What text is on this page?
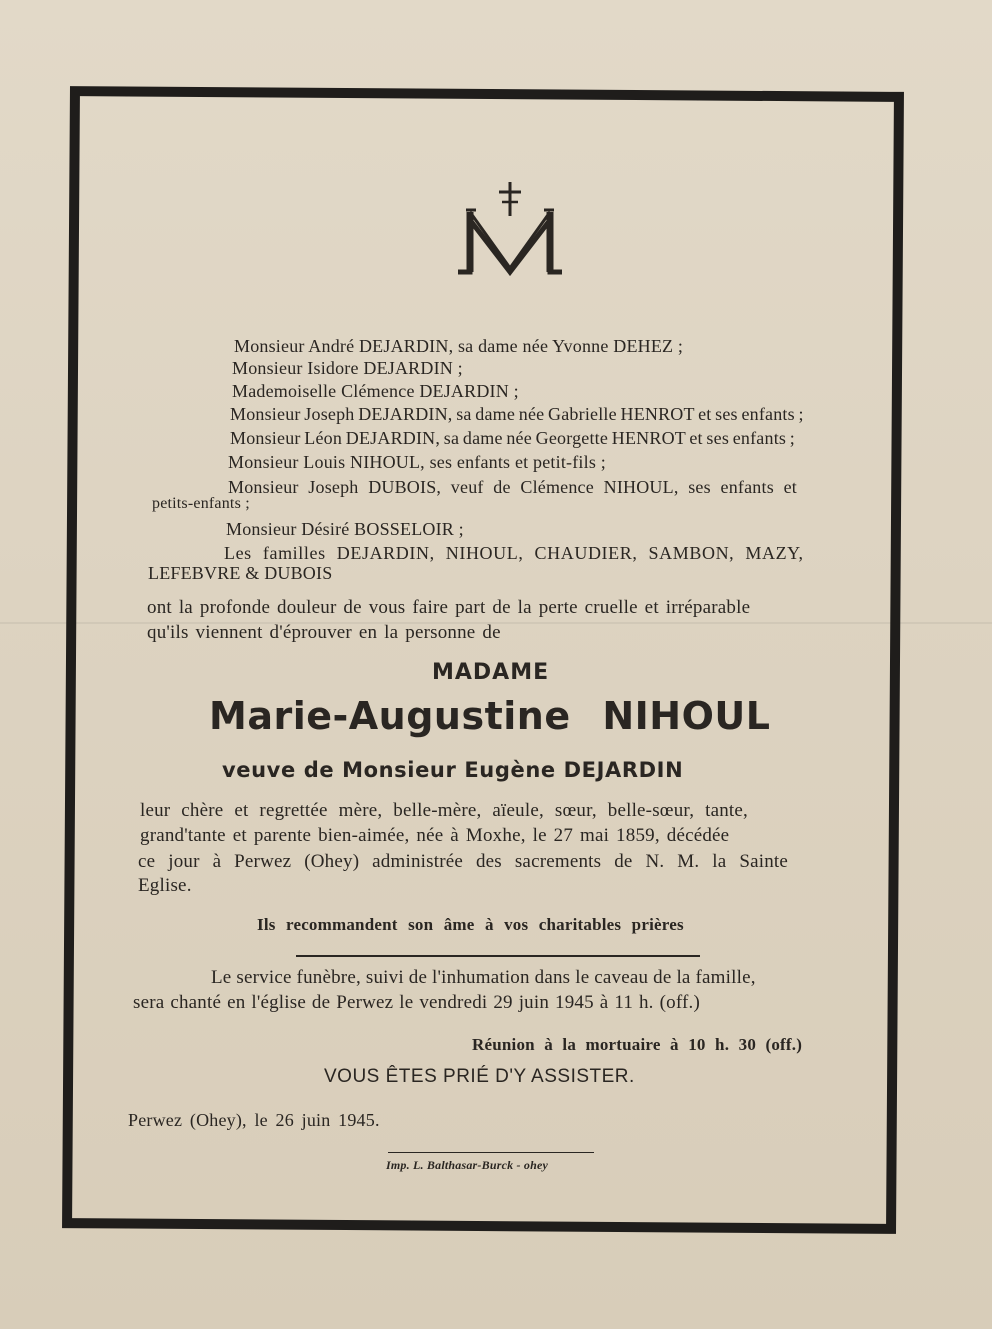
Monsieur André DEJARDIN, sa dame née Yvonne DEHEZ ;
Monsieur Isidore DEJARDIN ;
Mademoiselle Clémence DEJARDIN ;
Monsieur Joseph DEJARDIN, sa dame née Gabrielle HENROT et ses enfants ;
Monsieur Léon DEJARDIN, sa dame née Georgette HENROT et ses enfants ;
Monsieur Louis NIHOUL, ses enfants et petit-fils ;
Monsieur Joseph DUBOIS, veuf de Clémence NIHOUL, ses enfants et
petits-enfants ;
Monsieur Désiré BOSSELOIR ;
Les familles DEJARDIN, NIHOUL, CHAUDIER, SAMBON, MAZY,
LEFEBVRE & DUBOIS
ont la profonde douleur de vous faire part de la perte cruelle et irréparable
qu'ils viennent d'éprouver en la personne de
MADAME
Marie-Augustine NIHOUL
veuve de Monsieur Eugène DEJARDIN
leur chère et regrettée mère, belle-mère, aïeule, sœur, belle-sœur, tante,
grand'tante et parente bien-aimée, née à Moxhe, le 27 mai 1859, décédée
ce jour à Perwez (Ohey) administrée des sacrements de N. M. la Sainte
Eglise.
Ils recommandent son âme à vos charitables prières
Le service funèbre, suivi de l'inhumation dans le caveau de la famille,
sera chanté en l'église de Perwez le vendredi 29 juin 1945 à 11 h. (off.)
Réunion à la mortuaire à 10 h. 30 (off.)
VOUS ÊTES PRIÉ D'Y ASSISTER.
Perwez (Ohey), le 26 juin 1945.
Imp. L. Balthasar-Burck - ohey
